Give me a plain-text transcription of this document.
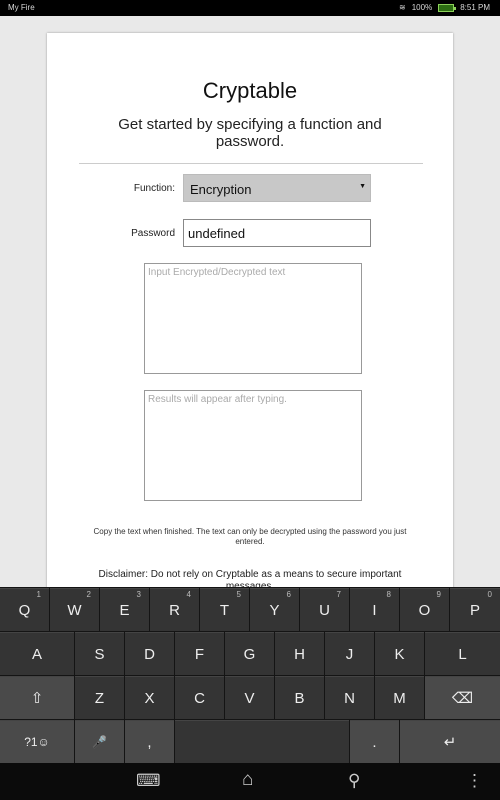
My Fire	≋ 100%	8:51 PM
Cryptable
Get started by specifying a function and password.
Function:	Encryption	▼
Password	undefined
Input Encrypted/Decrypted text
Results will appear after typing.
Copy the text when finished. The text can only be decrypted using the password you just entered.
Disclaimer: Do not rely on Cryptable as a means to secure important
Q
1
W
2
E
3
R
4
T
5
Y
6
U
7
I
8
O
9
P
0
A	S	D	F	G	H	J	K	L
⇧	Z	X	C	V	B	N	M	⌫
?1☺	🎤	,	.	↵
⌨	⌂	⚲	⋮
